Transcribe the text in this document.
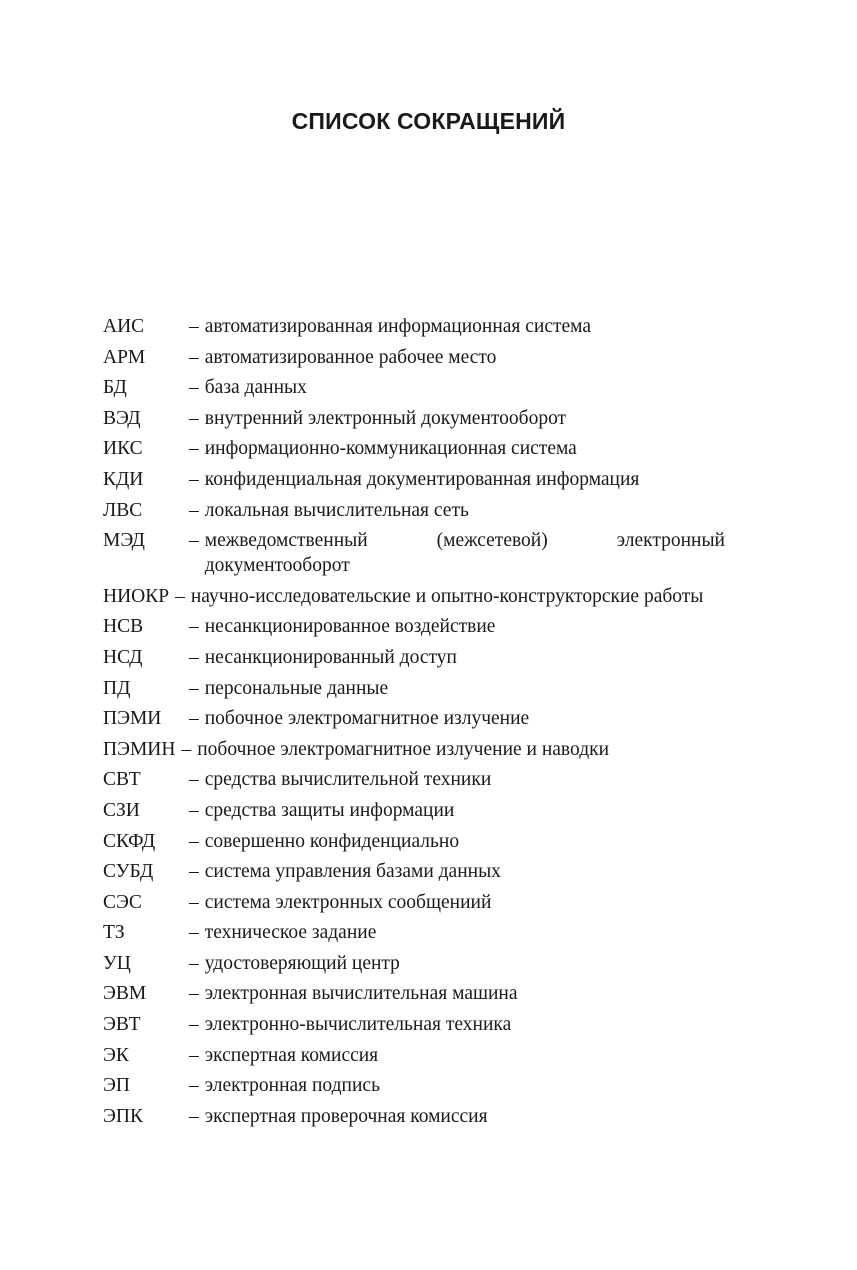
СПИСОК СОКРАЩЕНИЙ
АИС	– автоматизированная информационная система
АРМ	– автоматизированное рабочее место
БД	– база данных
ВЭД	– внутренний электронный документооборот
ИКС	– информационно-коммуникационная система
КДИ	– конфиденциальная документированная информация
ЛВС	– локальная вычислительная сеть
МЭД	– межведомственный (межсетевой) электронный документооборот
НИОКР – научно-исследовательские и опытно-конструкторские работы
НСВ	– несанкционированное воздействие
НСД	– несанкционированный доступ
ПД	– персональные данные
ПЭМИ	– побочное электромагнитное излучение
ПЭМИН – побочное электромагнитное излучение и наводки
СВТ	– средства вычислительной техники
СЗИ	– средства защиты информации
СКФД	– совершенно конфиденциально
СУБД	– система управления базами данных
СЭС	– система электронных сообщениий
ТЗ	– техническое задание
УЦ	– удостоверяющий центр
ЭВМ	– электронная вычислительная машина
ЭВТ	– электронно-вычислительная техника
ЭК	– экспертная комиссия
ЭП	– электронная подпись
ЭПК	– экспертная проверочная комиссия
